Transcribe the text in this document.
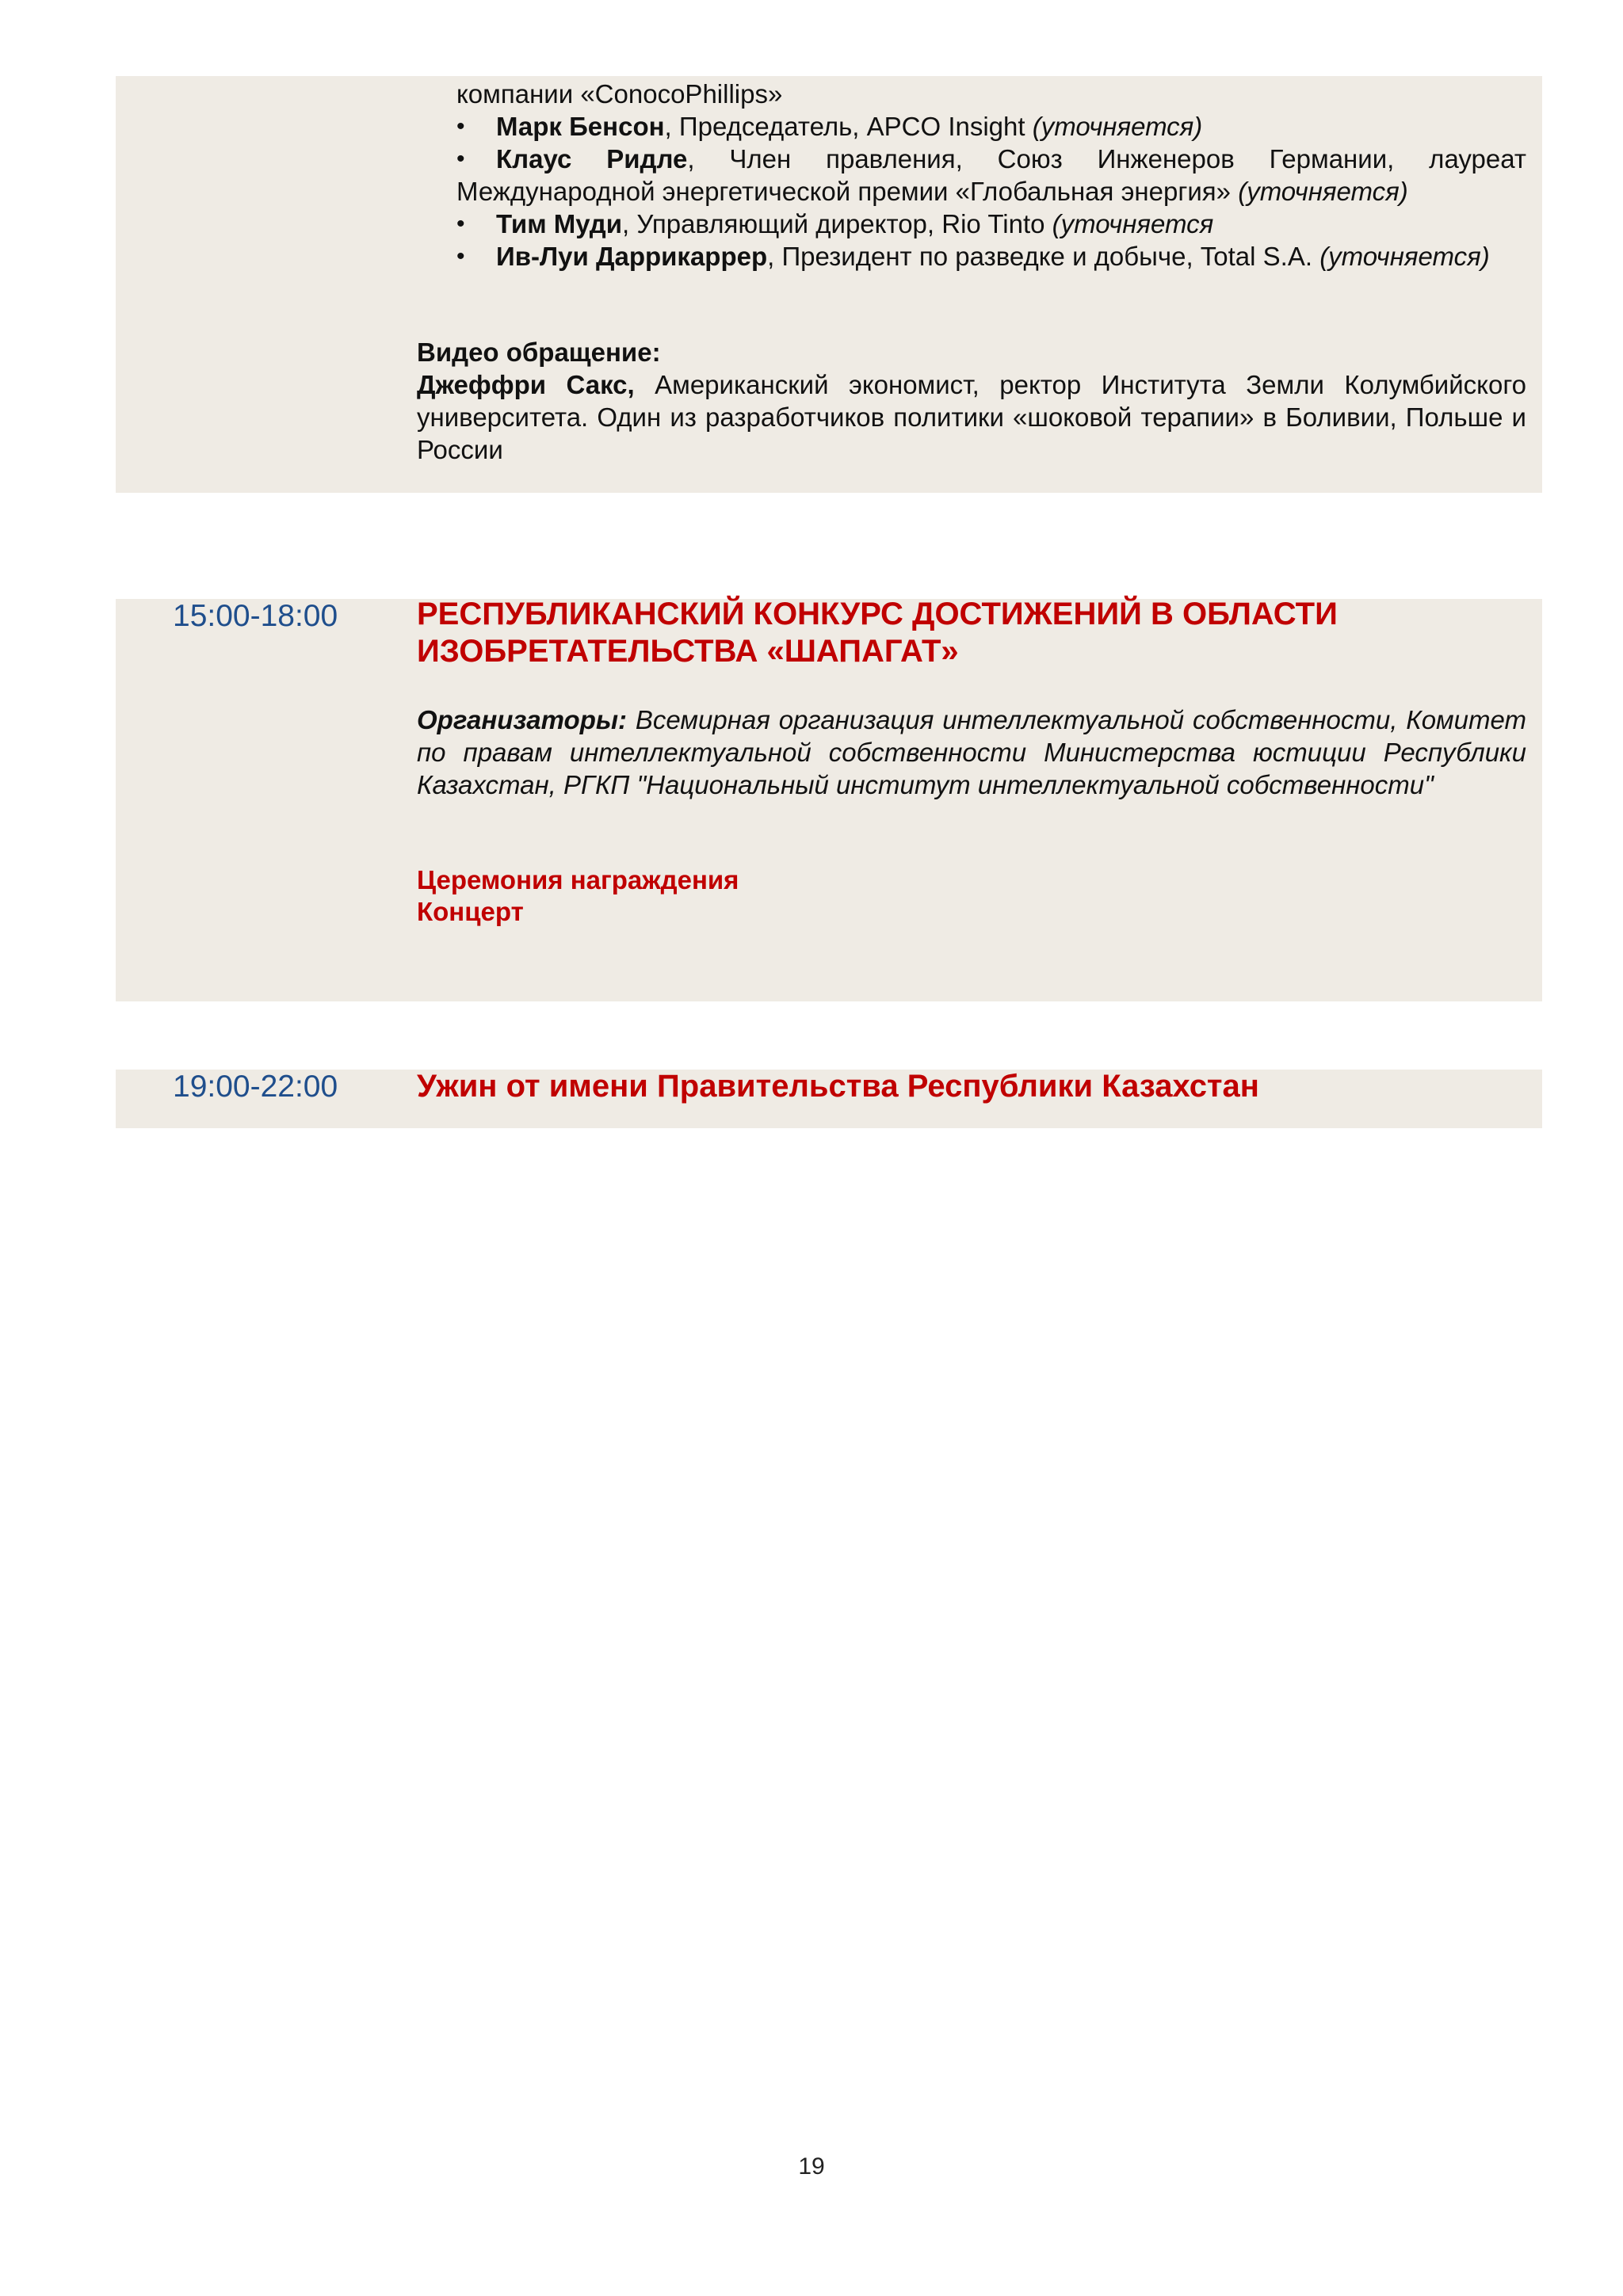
компании «ConocoPhillips»

• Марк Бенсон, Председатель, APCO Insight (уточняется)
•	Клаус Ридле, Член правления, Союз Инженеров Германии, лауреат Международной энергетической премии «Глобальная энергия» (уточняется)
• Тим Муди, Управляющий директор, Rio Tinto (уточняется
•	Ив-Луи Даррикаррер, Президент по разведке и добыче, Total S.A. (уточняется)

Видео обращение:

Джеффри Сакс, Американский экономист, ректор Института Земли Колумбийского университета. Один из разработчиков политики «шоковой терапии» в Боливии, Польше и России

15:00-18:00 РЕСПУБЛИКАНСКИЙ КОНКУРС ДОСТИЖЕНИЙ В ОБЛАСТИ
ИЗОБРЕТАТЕЛЬСТВА «ШАПАГАТ»

Организаторы: Всемирная организация интеллектуальной собственности, Комитет по правам интеллектуальной собственности Министерства юстиции Республики Казахстан, РГКП "Национальный институт интеллектуальной собственности"

Церемония награждения

Концерт

19:00-22:00 Ужин от имени Правительства Республики Казахстан

19
